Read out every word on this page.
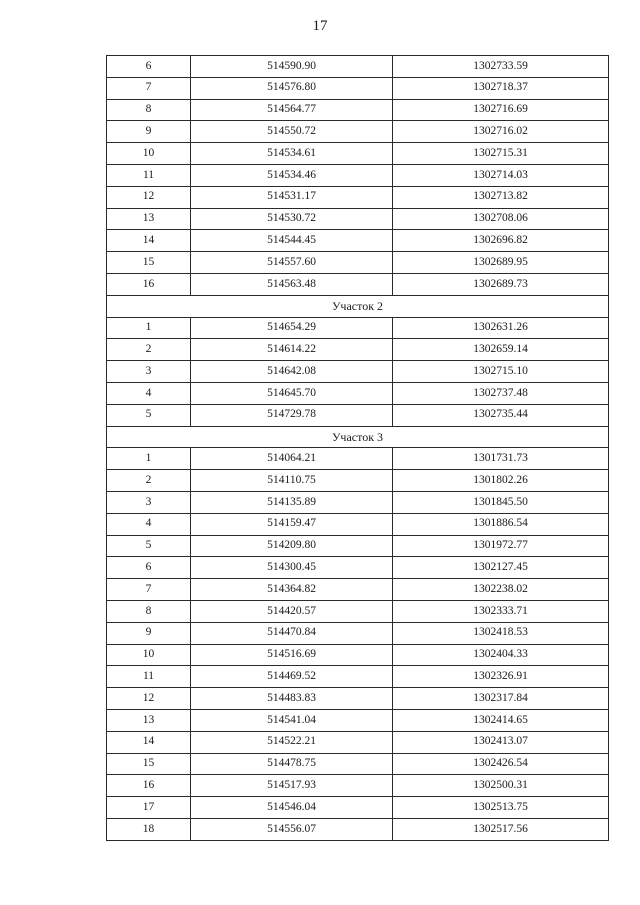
17
6	514590.90	1302733.59
7	514576.80	1302718.37
8	514564.77	1302716.69
9	514550.72	1302716.02
10	514534.61	1302715.31
11	514534.46	1302714.03
12	514531.17	1302713.82
13	514530.72	1302708.06
14	514544.45	1302696.82
15	514557.60	1302689.95
16	514563.48	1302689.73
Участок 2		
1	514654.29	1302631.26
2	514614.22	1302659.14
3	514642.08	1302715.10
4	514645.70	1302737.48
5	514729.78	1302735.44
Участок 3		
1	514064.21	1301731.73
2	514110.75	1301802.26
3	514135.89	1301845.50
4	514159.47	1301886.54
5	514209.80	1301972.77
6	514300.45	1302127.45
7	514364.82	1302238.02
8	514420.57	1302333.71
9	514470.84	1302418.53
10	514516.69	1302404.33
11	514469.52	1302326.91
12	514483.83	1302317.84
13	514541.04	1302414.65
14	514522.21	1302413.07
15	514478.75	1302426.54
16	514517.93	1302500.31
17	514546.04	1302513.75
18	514556.07	1302517.56
